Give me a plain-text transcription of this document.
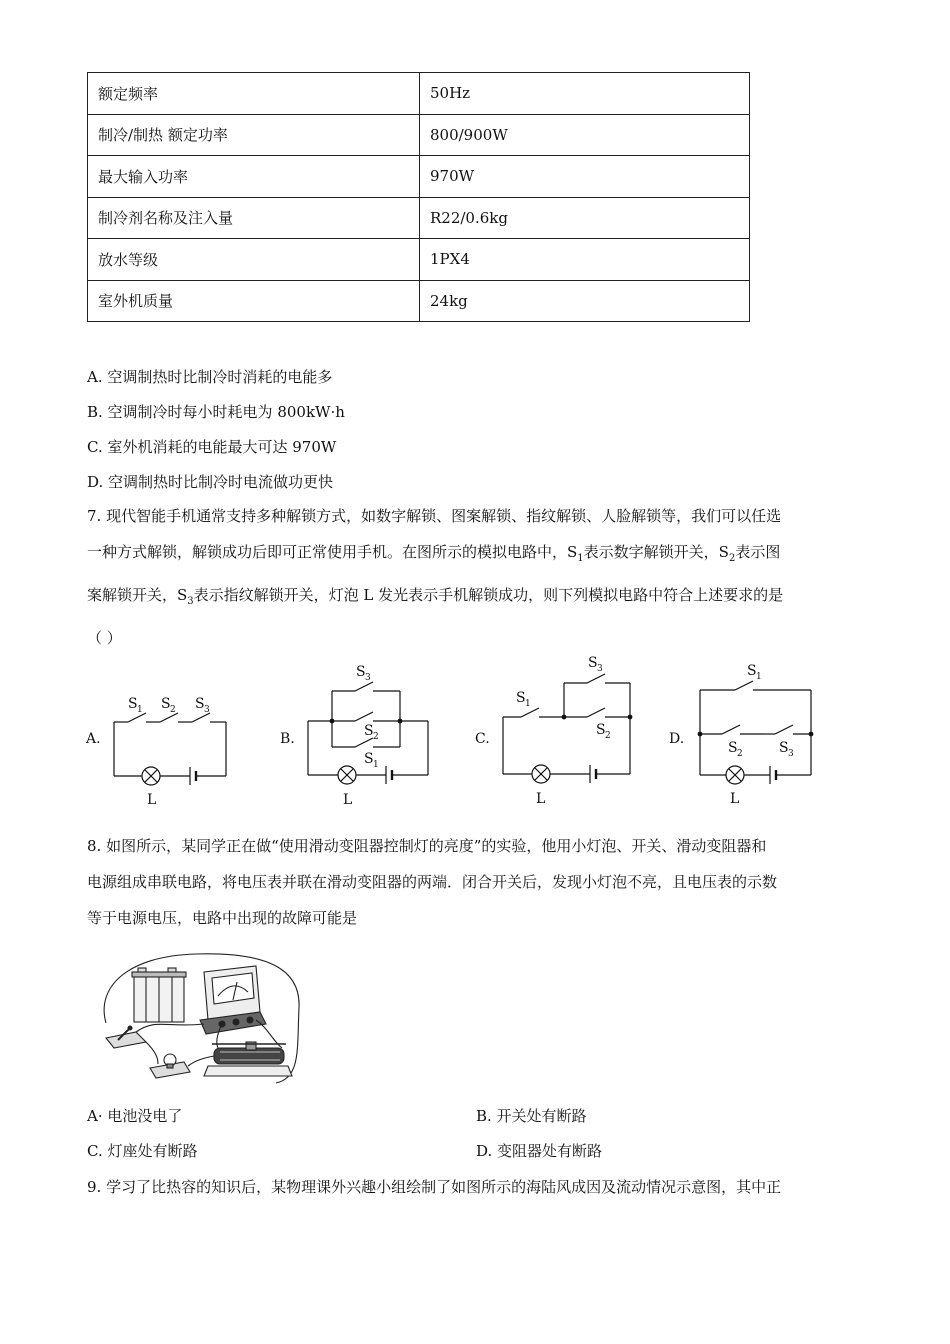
额定频率	50Hz
制冷/制热 额定功率	800/900W
最大输入功率	970W
制冷剂名称及注入量	R22/0.6kg
放水等级	1PX4
室外机质量	24kg
A. 空调制热时比制冷时消耗的电能多
B. 空调制冷时每小时耗电为 800kW·h
C. 室外机消耗的电能最大可达 970W
D. 空调制热时比制冷时电流做功更快
7. 现代智能手机通常支持多种解锁方式，如数字解锁、图案解锁、指纹解锁、人脸解锁等，我们可以任选
一种方式解锁，解锁成功后即可正常使用手机。在图所示的模拟电路中，$S_1$表示数字解锁开关，$S_2$表示图
案解锁开关，$S_3$表示指纹解锁开关，灯泡 L 发光表示手机解锁成功，则下列模拟电路中符合上述要求的是
（ ）
A.	B.	C.	D.
S 1 S 2 S 3
L
S 3
S 2
S 1
L
S 1
S 3
S 2
L
S 1
S 2	S 3
L
8. 如图所示，某同学正在做“使用滑动变阻器控制灯的亮度”的实验，他用小灯泡、开关、滑动变阻器和
电源组成串联电路，将电压表并联在滑动变阻器的两端．闭合开关后，发现小灯泡不亮，且电压表的示数
等于电源电压，电路中出现的故障可能是
A· 电池没电了	B. 开关处有断路
C. 灯座处有断路	D. 变阻器处有断路
9. 学习了比热容的知识后，某物理课外兴趣小组绘制了如图所示的海陆风成因及流动情况示意图，其中正
